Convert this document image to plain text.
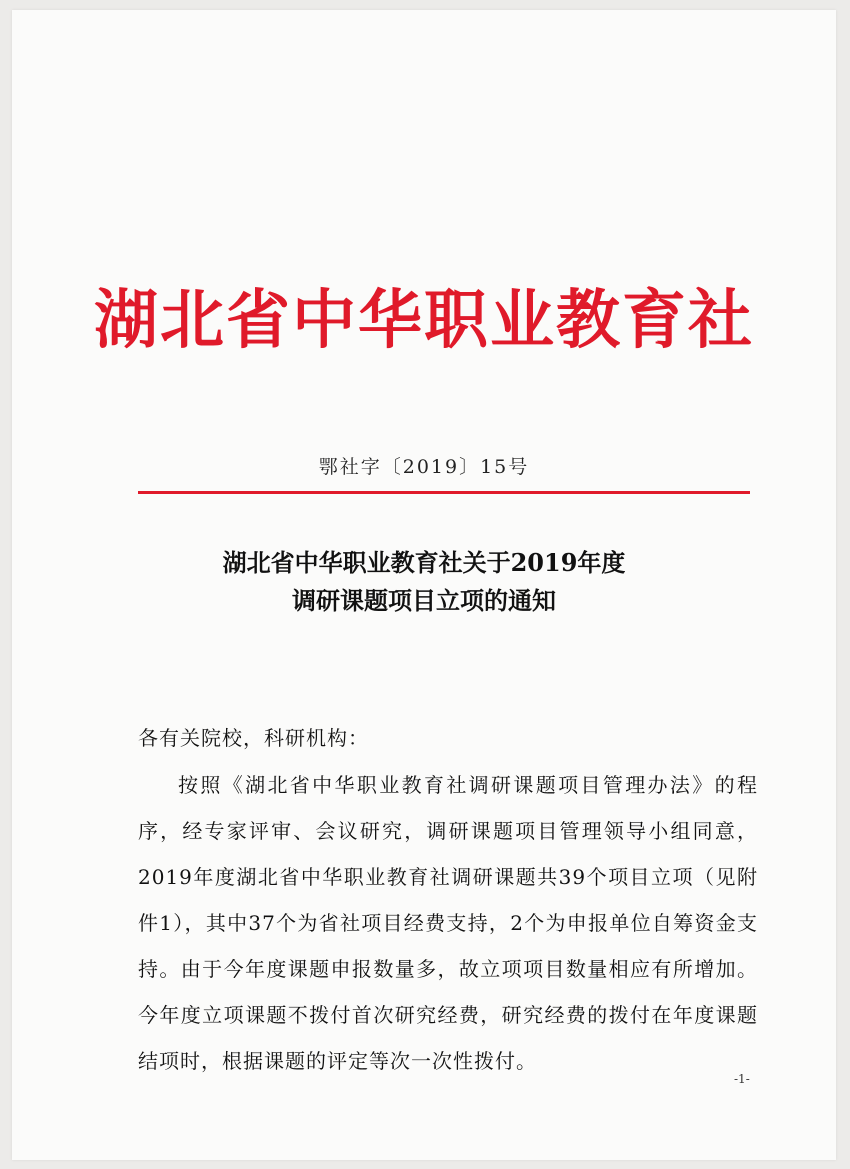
湖北省中华职业教育社
鄂社字〔2019〕15号
湖北省中华职业教育社关于2019年度
调研课题项目立项的通知
各有关院校，科研机构：
按照《湖北省中华职业教育社调研课题项目管理办法》的程序，经专家评审、会议研究，调研课题项目管理领导小组同意，2019年度湖北省中华职业教育社调研课题共39个项目立项（见附件1），其中37个为省社项目经费支持，2个为申报单位自筹资金支持。由于今年度课题申报数量多，故立项项目数量相应有所增加。今年度立项课题不拨付首次研究经费，研究经费的拨付在年度课题结项时，根据课题的评定等次一次性拨付。
-1-
